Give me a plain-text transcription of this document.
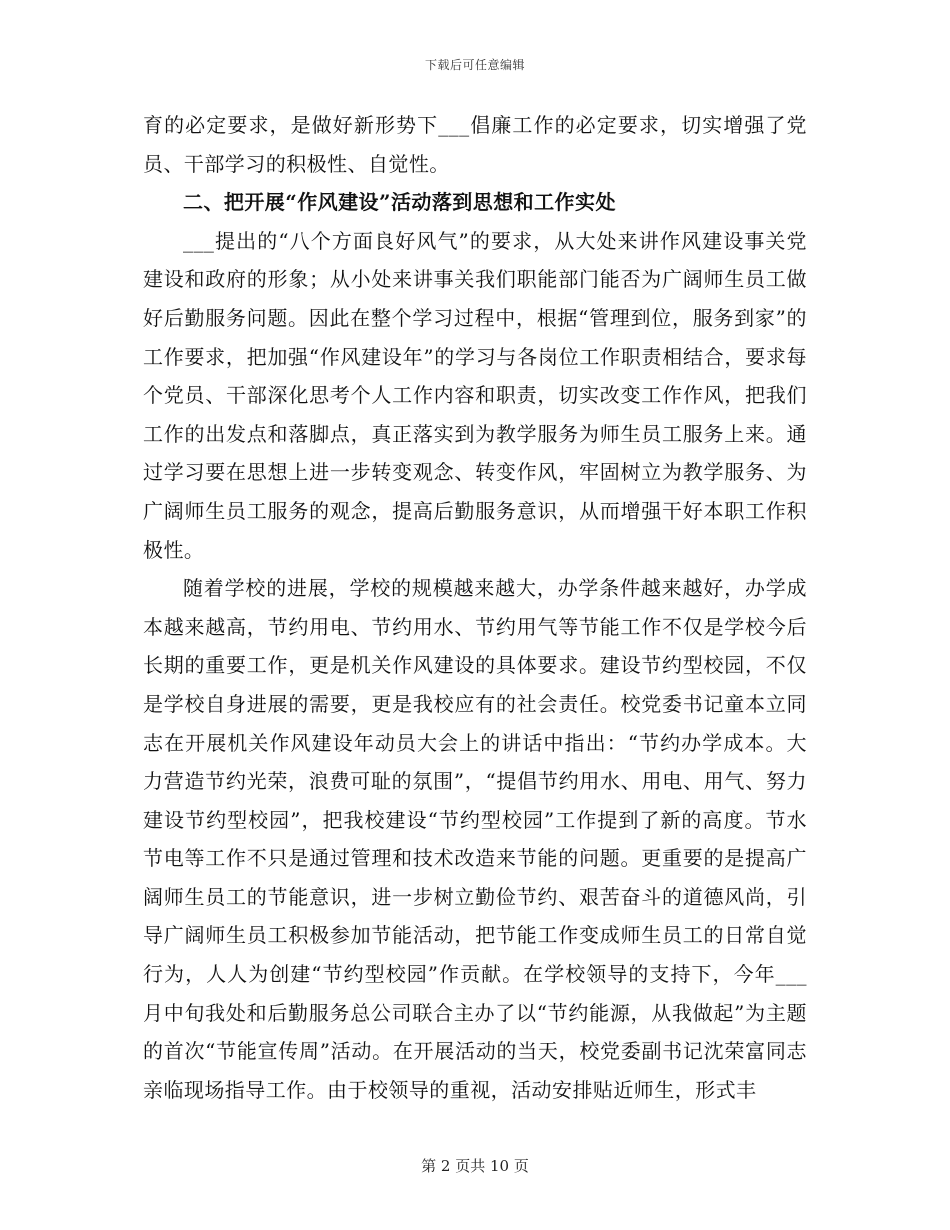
下载后可任意编辑

育的必定要求，是做好新形势下___倡廉工作的必定要求，切实增强了党员、干部学习的积极性、自觉性。

二、把开展“作风建设”活动落到思想和工作实处

___提出的“八个方面良好风气”的要求，从大处来讲作风建设事关党建设和政府的形象；从小处来讲事关我们职能部门能否为广阔师生员工做好后勤服务问题。因此在整个学习过程中，根据“管理到位，服务到家”的工作要求，把加强“作风建设年”的学习与各岗位工作职责相结合，要求每个党员、干部深化思考个人工作内容和职责，切实改变工作作风，把我们工作的出发点和落脚点，真正落实到为教学服务为师生员工服务上来。通过学习要在思想上进一步转变观念、转变作风，牢固树立为教学服务、为广阔师生员工服务的观念，提高后勤服务意识，从而增强干好本职工作积极性。

随着学校的进展，学校的规模越来越大，办学条件越来越好，办学成本越来越高，节约用电、节约用水、节约用气等节能工作不仅是学校今后长期的重要工作，更是机关作风建设的具体要求。建设节约型校园，不仅是学校自身进展的需要，更是我校应有的社会责任。校党委书记童本立同志在开展机关作风建设年动员大会上的讲话中指出：“节约办学成本。大力营造节约光荣，浪费可耻的氛围”，“提倡节约用水、用电、用气、努力建设节约型校园”，把我校建设“节约型校园”工作提到了新的高度。节水节电等工作不只是通过管理和技术改造来节能的问题。更重要的是提高广阔师生员工的节能意识，进一步树立勤俭节约、艰苦奋斗的道德风尚，引导广阔师生员工积极参加节能活动，把节能工作变成师生员工的日常自觉行为，人人为创建“节约型校园”作贡献。在学校领导的支持下，今年___月中旬我处和后勤服务总公司联合主办了以“节约能源，从我做起”为主题的首次“节能宣传周”活动。在开展活动的当天，校党委副书记沈荣富同志亲临现场指导工作。由于校领导的重视，活动安排贴近师生，形式丰

第 2 页共 10 页
